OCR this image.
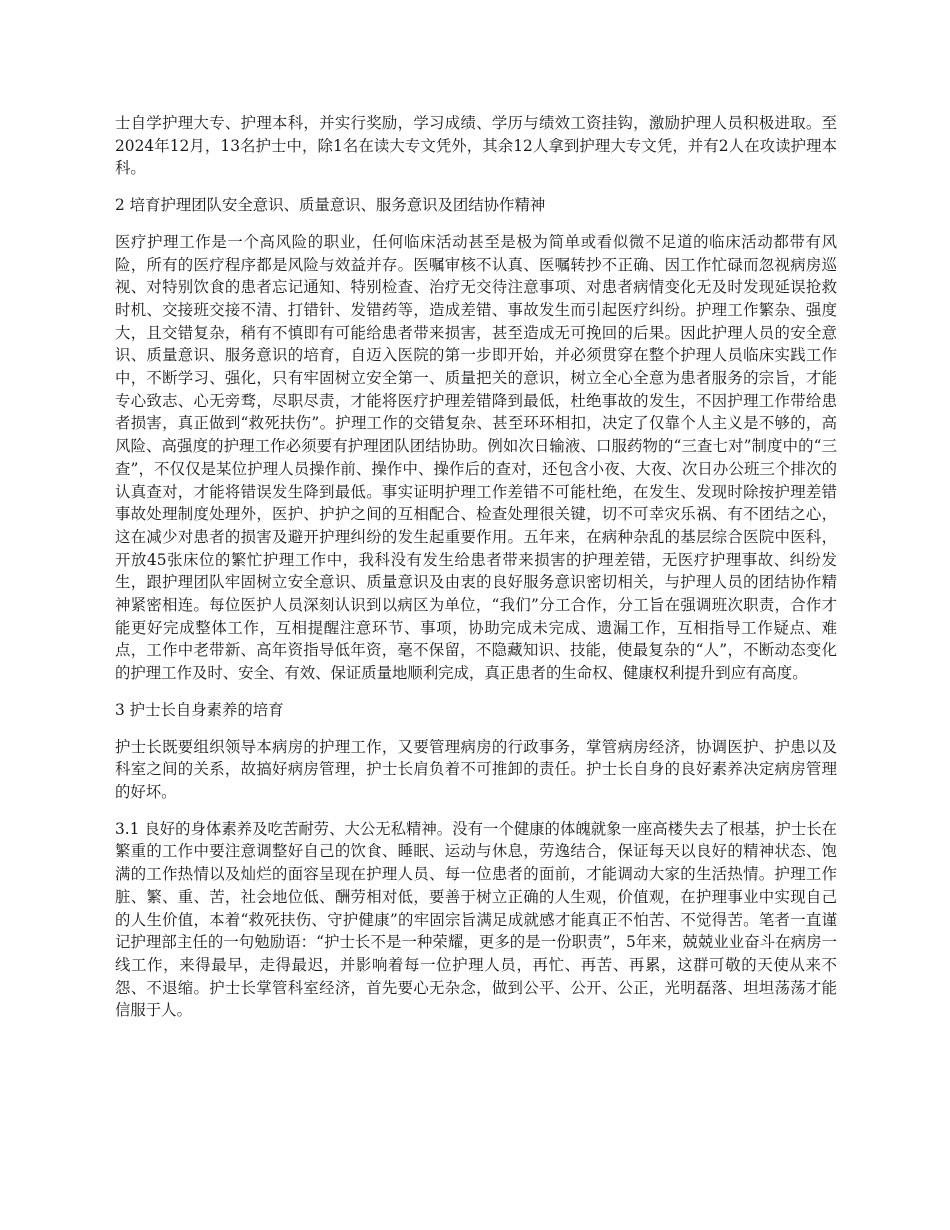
士自学护理大专、护理本科，并实行奖励，学习成绩、学历与绩效工资挂钩，激励护理人员积极进取。至2024年12月，13名护士中，除1名在读大专文凭外，其余12人拿到护理大专文凭，并有2人在攻读护理本科。

2 培育护理团队安全意识、质量意识、服务意识及团结协作精神

医疗护理工作是一个高风险的职业，任何临床活动甚至是极为简单或看似微不足道的临床活动都带有风险，所有的医疗程序都是风险与效益并存。医嘱审核不认真、医嘱转抄不正确、因工作忙碌而忽视病房巡视、对特别饮食的患者忘记通知、特别检查、治疗无交待注意事项、对患者病情变化无及时发现延误抢救时机、交接班交接不清、打错针、发错药等，造成差错、事故发生而引起医疗纠纷。护理工作繁杂、强度大，且交错复杂，稍有不慎即有可能给患者带来损害，甚至造成无可挽回的后果。因此护理人员的安全意识、质量意识、服务意识的培育，自迈入医院的第一步即开始，并必须贯穿在整个护理人员临床实践工作中，不断学习、强化，只有牢固树立安全第一、质量把关的意识，树立全心全意为患者服务的宗旨，才能专心致志、心无旁骛，尽职尽责，才能将医疗护理差错降到最低，杜绝事故的发生，不因护理工作带给患者损害，真正做到“救死扶伤”。护理工作的交错复杂、甚至环环相扣，决定了仅靠个人主义是不够的，高风险、高强度的护理工作必须要有护理团队团结协助。例如次日输液、口服药物的“三查七对”制度中的“三查”，不仅仅是某位护理人员操作前、操作中、操作后的查对，还包含小夜、大夜、次日办公班三个排次的认真查对，才能将错误发生降到最低。事实证明护理工作差错不可能杜绝，在发生、发现时除按护理差错事故处理制度处理外，医护、护护之间的互相配合、检查处理很关键，切不可幸灾乐祸、有不团结之心，这在减少对患者的损害及避开护理纠纷的发生起重要作用。五年来，在病种杂乱的基层综合医院中医科，开放45张床位的繁忙护理工作中，我科没有发生给患者带来损害的护理差错，无医疗护理事故、纠纷发生，跟护理团队牢固树立安全意识、质量意识及由衷的良好服务意识密切相关，与护理人员的团结协作精神紧密相连。每位医护人员深刻认识到以病区为单位，“我们”分工合作，分工旨在强调班次职责，合作才能更好完成整体工作，互相提醒注意环节、事项，协助完成未完成、遗漏工作，互相指导工作疑点、难点，工作中老带新、高年资指导低年资，毫不保留，不隐藏知识、技能，使最复杂的“人”，不断动态变化的护理工作及时、安全、有效、保证质量地顺利完成，真正患者的生命权、健康权利提升到应有高度。

3 护士长自身素养的培育

护士长既要组织领导本病房的护理工作，又要管理病房的行政事务，掌管病房经济，协调医护、护患以及科室之间的关系，故搞好病房管理，护士长肩负着不可推卸的责任。护士长自身的良好素养决定病房管理的好坏。

3.1 良好的身体素养及吃苦耐劳、大公无私精神。没有一个健康的体魄就象一座高楼失去了根基，护士长在繁重的工作中要注意调整好自己的饮食、睡眠、运动与休息，劳逸结合，保证每天以良好的精神状态、饱满的工作热情以及灿烂的面容呈现在护理人员、每一位患者的面前，才能调动大家的生活热情。护理工作脏、繁、重、苦，社会地位低、酬劳相对低，要善于树立正确的人生观，价值观，在护理事业中实现自己的人生价值，本着“救死扶伤、守护健康”的牢固宗旨满足成就感才能真正不怕苦、不觉得苦。笔者一直谨记护理部主任的一句勉励语：“护士长不是一种荣耀，更多的是一份职责”，5年来，兢兢业业奋斗在病房一线工作，来得最早，走得最迟，并影响着每一位护理人员，再忙、再苦、再累，这群可敬的天使从来不怨、不退缩。护士长掌管科室经济，首先要心无杂念，做到公平、公开、公正，光明磊落、坦坦荡荡才能信服于人。
